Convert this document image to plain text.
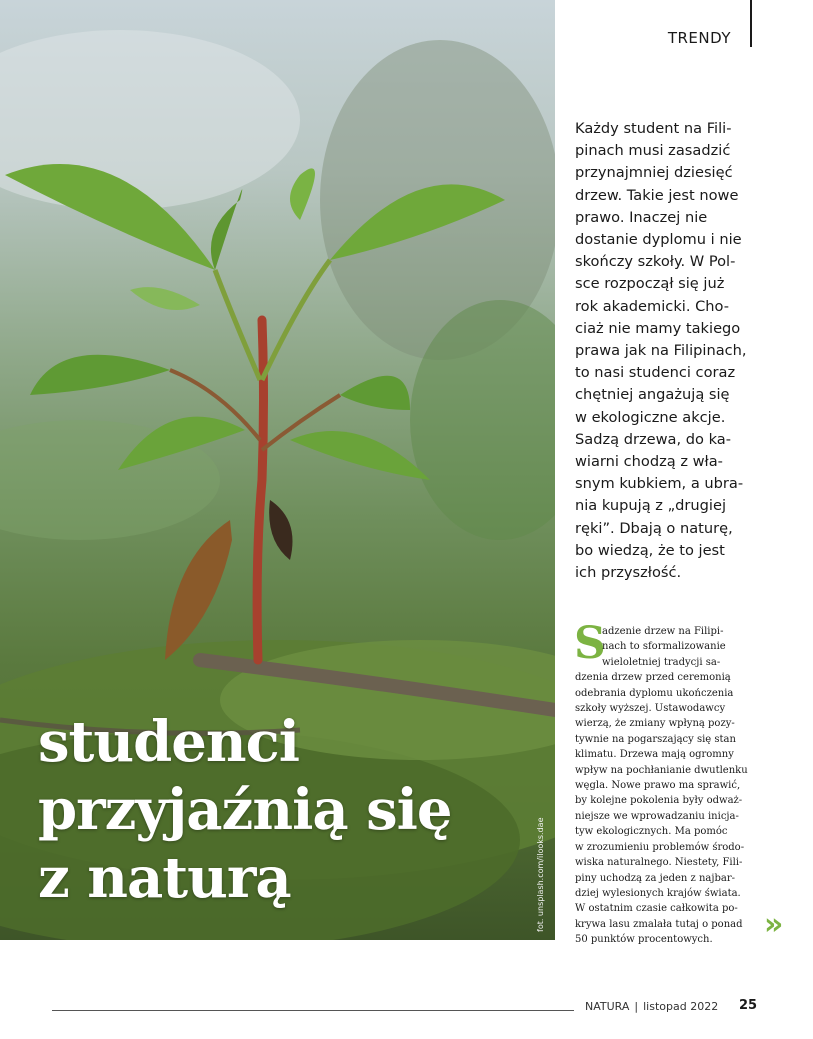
studenci
przyjaźnią się
z naturą	fot. unsplash.com/ilooks.dae
TRENDY

Każdy student na Fili-
pinach musi zasadzić
przynajmniej dziesięć
drzew. Takie jest nowe
prawo. Inaczej nie
dostanie dyplomu i nie
skończy szkoły. W Pol-
sce rozpoczął się już
rok akademicki. Cho-
ciaż nie mamy takiego
prawa jak na Filipinach,
to nasi studenci coraz
chętniej angażują się
w ekologiczne akcje.
Sadzą drzewa, do ka-
wiarni chodzą z wła-
snym kubkiem, a ubra-
nia kupują z „drugiej
ręki”. Dbają o naturę,
bo wiedzą, że to jest
ich przyszłość.

S

adzenie drzew na Filipi-
nach to sformalizowanie
wieloletniej tradycji sa-
dzenia drzew przed ceremonią
odebrania dyplomu ukończenia
szkoły wyższej. Ustawodawcy
wierzą, że zmiany wpłyną pozy-
tywnie na pogarszający się stan
klimatu. Drzewa mają ogromny
wpływ na pochłanianie dwutlenku
węgla. Nowe prawo ma sprawić,
by kolejne pokolenia były odważ-
niejsze we wprowadzaniu inicja-
tyw ekologicznych. Ma pomóc
w zrozumieniu problemów środo-
wiska naturalnego. Niestety, Fili-
piny uchodzą za jeden z najbar-
dziej wylesionych krajów świata.
W ostatnim czasie całkowita po-
krywa lasu zmalała tutaj o ponad
50 punktów procentowych.	»
NATURA | listopad 2022 25
